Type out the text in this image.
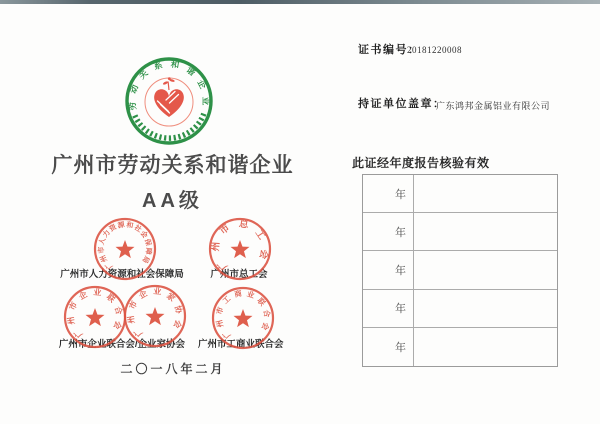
劳动关系和谐企业
广州市劳动关系和谐企业
AA级
广州市人力资源和社会保障局	广州市总工会
广州市企业联合会/企业家协会	广州市工商业联合会
广州市人力资源和社会保障局	广州市总工会
广州市企业联合会
广州市企业家协会
广州市工商业联合会
二〇一八年二月
证书编号：
20181220008
持证单位盖章：
广东鸿邦金属铝业有限公司
此证经年度报告核验有效
年
年
年
年
年
